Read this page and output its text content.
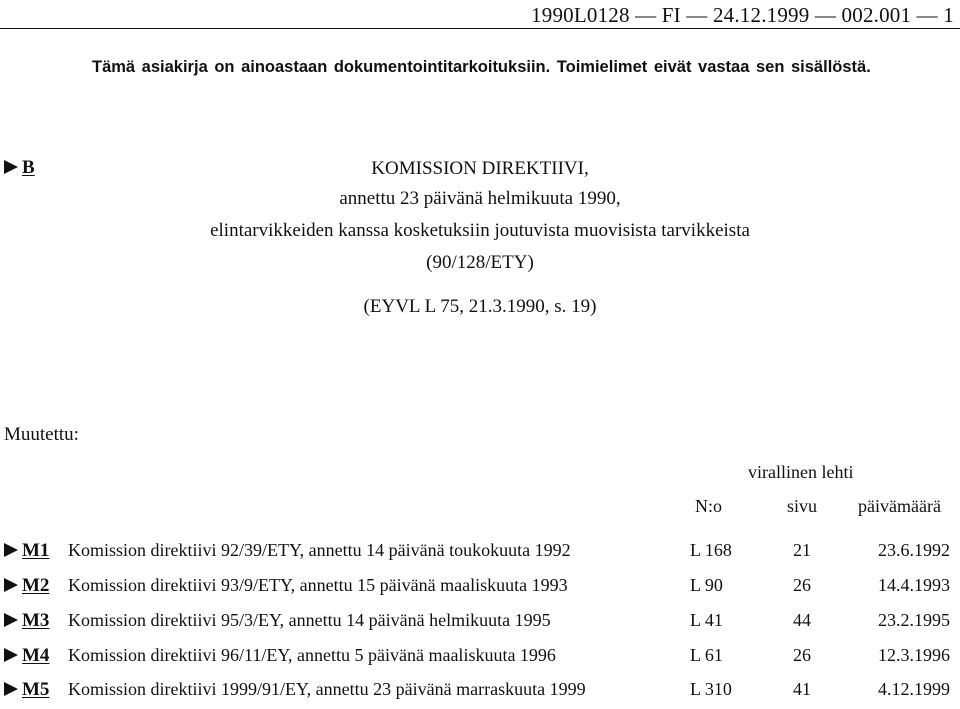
1990L0128 — FI — 24.12.1999 — 002.001 — 1
Tämä asiakirja on ainoastaan dokumentointitarkoituksiin. Toimielimet eivät vastaa sen sisällöstä.
B	KOMISSION DIREKTIIVI,
annettu 23 päivänä helmikuuta 1990,
elintarvikkeiden kanssa kosketuksiin joutuvista muovisista tarvikkeista
(90/128/ETY)
(EYVL L 75, 21.3.1990, s. 19)
Muutettu:
virallinen lehti
N:o	sivu päivämäärä
M1 Komission direktiivi 92/39/ETY, annettu 14 päivänä toukokuuta 1992	L 168	21	23.6.1992
M2 Komission direktiivi 93/9/ETY, annettu 15 päivänä maaliskuuta 1993	L 90	26	14.4.1993
M3 Komission direktiivi 95/3/EY, annettu 14 päivänä helmikuuta 1995	L 41	44	23.2.1995
M4 Komission direktiivi 96/11/EY, annettu 5 päivänä maaliskuuta 1996	L 61	26	12.3.1996
M5 Komission direktiivi 1999/91/EY, annettu 23 päivänä marraskuuta 1999	L 310	41	4.12.1999
